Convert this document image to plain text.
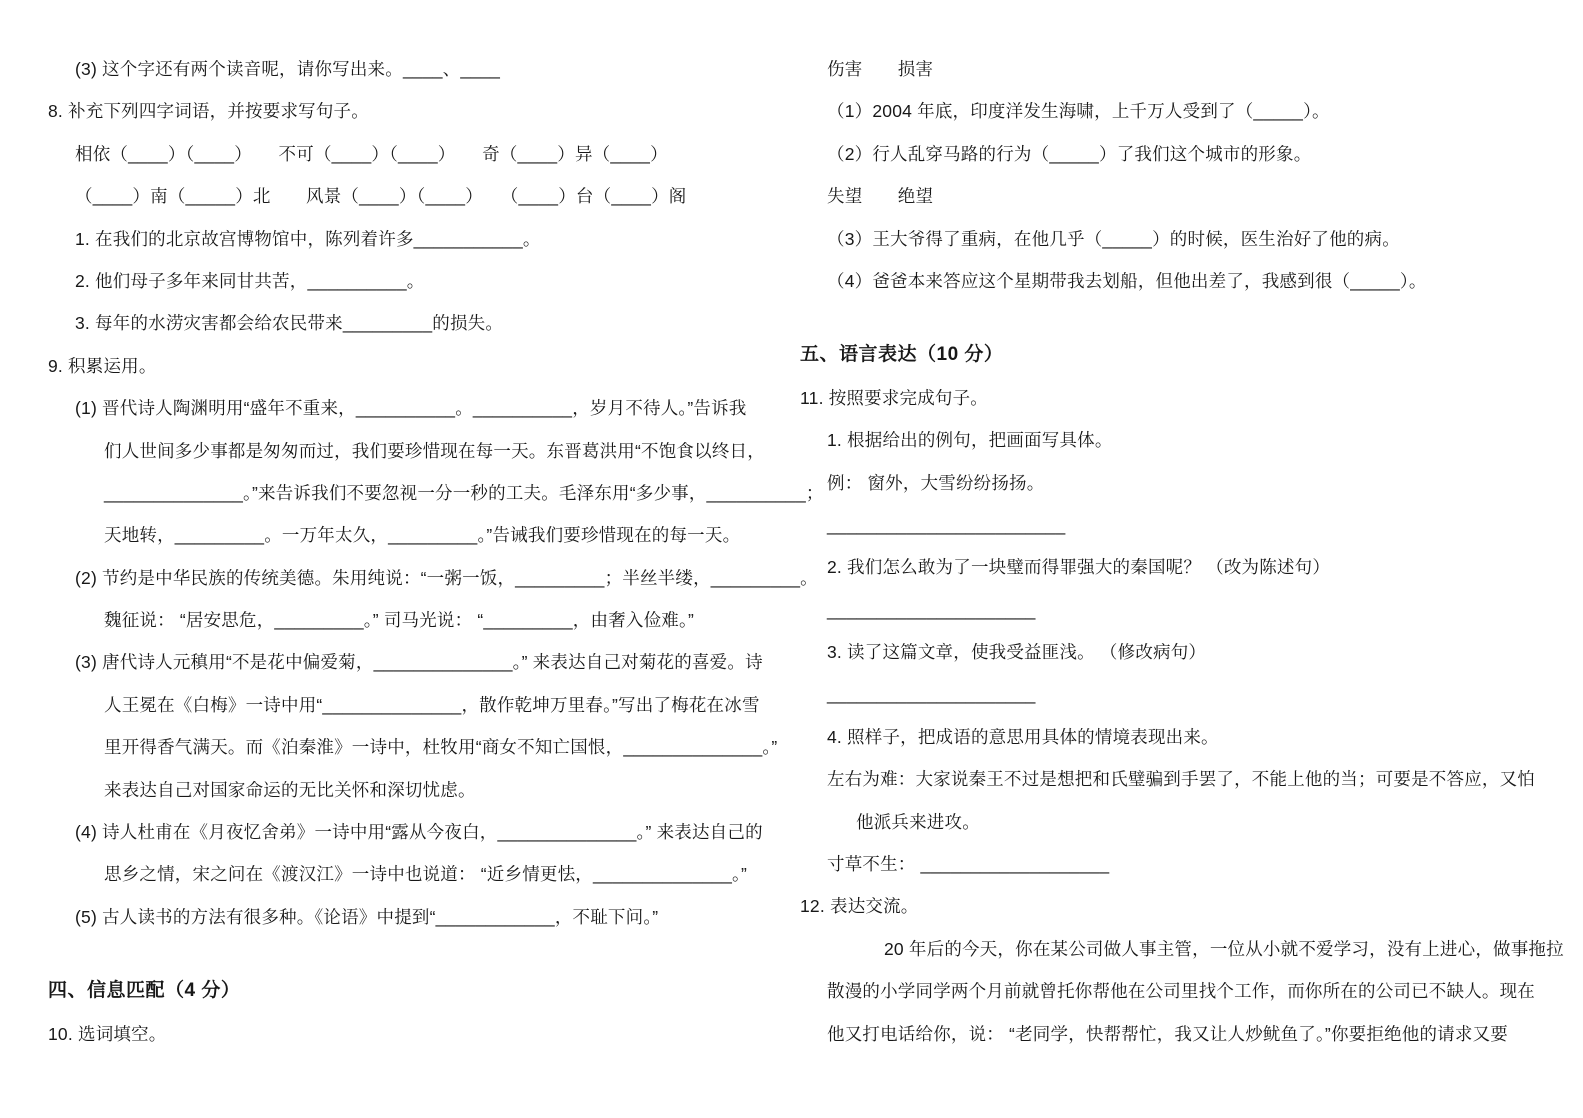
(3) 这个字还有两个读音呢，请你写出来。____、____
8. 补充下列四字词语，并按要求写句子。
相依（____）（____）　　不可（____）（____）　　奇（____）异（____）
（____）南（_____）北　　风景（____）（____）　　（____）台（____）阁
1. 在我们的北京故宫博物馆中，陈列着许多___________。
2. 他们母子多年来同甘共苦，__________。
3. 每年的水涝灾害都会给农民带来_________的损失。
9. 积累运用。
(1) 晋代诗人陶渊明用“盛年不重来，__________。__________，岁月不待人。”告诉我
们人世间多少事都是匆匆而过，我们要珍惜现在每一天。东晋葛洪用“不饱食以终日，
______________。”来告诉我们不要忽视一分一秒的工夫。毛泽东用“多少事，__________；
天地转，_________。一万年太久，_________。”告诫我们要珍惜现在的每一天。
(2) 节约是中华民族的传统美德。朱用纯说：“一粥一饭，_________；半丝半缕，_________。
魏征说： “居安思危，_________。” 司马光说： “_________，由奢入俭难。”
(3) 唐代诗人元稹用“不是花中偏爱菊，______________。” 来表达自己对菊花的喜爱。诗
人王冕在《白梅》一诗中用“______________，散作乾坤万里春。”写出了梅花在冰雪
里开得香气满天。而《泊秦淮》一诗中，杜牧用“商女不知亡国恨，______________。”
来表达自己对国家命运的无比关怀和深切忧虑。
(4) 诗人杜甫在《月夜忆舍弟》一诗中用“露从今夜白，______________。” 来表达自己的
思乡之情，宋之问在《渡汉江》一诗中也说道： “近乡情更怯，______________。”
(5) 古人读书的方法有很多种。《论语》中提到“____________，不耻下问。”
四、信息匹配（4 分）
10. 选词填空。
伤害　　损害
（1）2004 年底，印度洋发生海啸，上千万人受到了（_____）。
（2）行人乱穿马路的行为（_____）了我们这个城市的形象。
失望　　绝望
（3）王大爷得了重病，在他几乎（_____）的时候，医生治好了他的病。
（4）爸爸本来答应这个星期带我去划船，但他出差了，我感到很（_____）。
五、语言表达（10 分）
11. 按照要求完成句子。
1. 根据给出的例句，把画面写具体。
例： 窗外，大雪纷纷扬扬。
________________________
2. 我们怎么敢为了一块璧而得罪强大的秦国呢？ （改为陈述句）
_____________________
3. 读了这篇文章，使我受益匪浅。 （修改病句）
_____________________
4. 照样子，把成语的意思用具体的情境表现出来。
左右为难：大家说秦王不过是想把和氏璧骗到手罢了，不能上他的当；可要是不答应，又怕
他派兵来进攻。
寸草不生： ___________________
12. 表达交流。
20 年后的今天，你在某公司做人事主管，一位从小就不爱学习，没有上进心，做事拖拉
散漫的小学同学两个月前就曾托你帮他在公司里找个工作，而你所在的公司已不缺人。现在
他又打电话给你，说： “老同学，快帮帮忙，我又让人炒鱿鱼了。”你要拒绝他的请求又要
